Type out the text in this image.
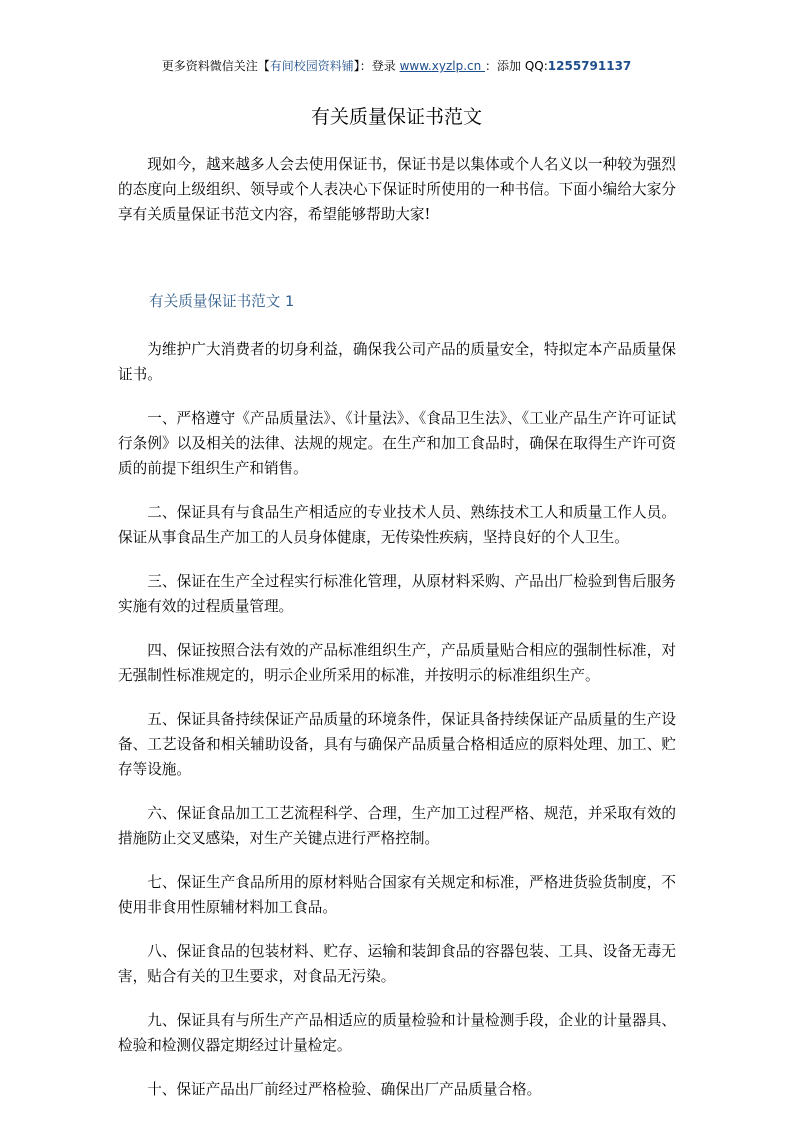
更多资料微信关注【有间校园资料铺】：登录 www.xyzlp.cn ：添加 QQ:1255791137
有关质量保证书范文

现如今，越来越多人会去使用保证书，保证书是以集体或个人名义以一种较为强烈的态度向上级组织、领导或个人表决心下保证时所使用的一种书信。下面小编给大家分享有关质量保证书范文内容，希望能够帮助大家!

有关质量保证书范文 1

为维护广大消费者的切身利益，确保我公司产品的质量安全，特拟定本产品质量保证书。

一、严格遵守《产品质量法》、《计量法》、《食品卫生法》、《工业产品生产许可证试行条例》以及相关的法律、法规的规定。在生产和加工食品时，确保在取得生产许可资质的前提下组织生产和销售。

二、保证具有与食品生产相适应的专业技术人员、熟练技术工人和质量工作人员。保证从事食品生产加工的人员身体健康，无传染性疾病，坚持良好的个人卫生。

三、保证在生产全过程实行标准化管理，从原材料采购、产品出厂检验到售后服务实施有效的过程质量管理。

四、保证按照合法有效的产品标准组织生产，产品质量贴合相应的强制性标准，对无强制性标准规定的，明示企业所采用的标准，并按明示的标准组织生产。

五、保证具备持续保证产品质量的环境条件，保证具备持续保证产品质量的生产设备、工艺设备和相关辅助设备，具有与确保产品质量合格相适应的原料处理、加工、贮存等设施。

六、保证食品加工工艺流程科学、合理，生产加工过程严格、规范，并采取有效的措施防止交叉感染，对生产关键点进行严格控制。

七、保证生产食品所用的原材料贴合国家有关规定和标准，严格进货验货制度，不使用非食用性原辅材料加工食品。

八、保证食品的包装材料、贮存、运输和装卸食品的容器包装、工具、设备无毒无害，贴合有关的卫生要求，对食品无污染。

九、保证具有与所生产产品相适应的质量检验和计量检测手段，企业的计量器具、检验和检测仪器定期经过计量检定。

十、保证产品出厂前经过严格检验、确保出厂产品质量合格。
